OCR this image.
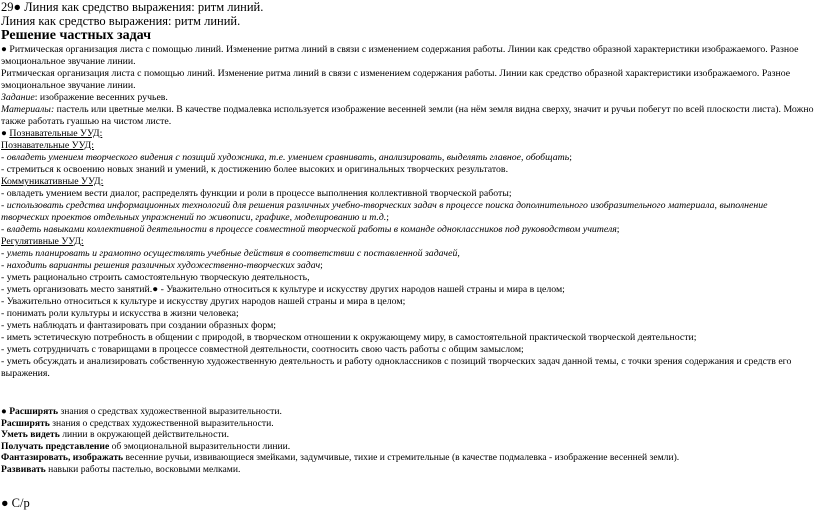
29● Линия как средство выражения: ритм линий.

Линия как средство выражения: ритм линий.

Решение частных задач

● Ритмическая организация листа с помощью линий. Изменение ритма линий в связи с изменением содержания работы. Линии как средство образной характеристики изображаемого. Разное эмоциональное звучание линии.

Ритмическая организация листа с помощью линий. Изменение ритма линий в связи с изменением содержания работы. Линии как средство образной характеристики изображаемого. Разное эмоциональное звучание линии.

Задание: изображение весенних ручьев.

Материалы: пастель или цветные мелки. В качестве подмалевка используется изображение весенней земли (на нём земля видна сверху, значит и ручьи побегут по всей плоскости листа). Можно также работать гуашью на чистом листе.

● Познавательные УУД:

Познавательные УУД:

- овладеть умением творческого видения с позиций художника, т.е. умением сравнивать, анализировать, выделять главное, обобщать;

- стремиться к освоению новых знаний и умений, к достижению более высоких и оригинальных творческих результатов.

Коммуникативные УУД:

- овладеть умением вести диалог, распределять функции и роли в процессе выполнения коллективной творческой работы;

- использовать средства информационных технологий для решения различных учебно-творческих задач в процессе поиска дополнительного изобразительного материала, выполнение творческих проектов отдельных упражнений по живописи, графике, моделированию и т.д.;

- владеть навыками коллективной деятельности в процессе совместной творческой работы в команде одноклассников под руководством учителя;

Регулятивные УУД:

- уметь планировать и грамотно осуществлять учебные действия в соответствии с поставленной задачей,

- находить варианты решения различных художественно-творческих задач;

- уметь рационально строить самостоятельную творческую деятельность,

- уметь организовать место занятий.● - Уважительно относиться к культуре и искусству других народов нашей страны и мира в целом;

- Уважительно относиться к культуре и искусству других народов нашей страны и мира в целом;

- понимать роли культуры и искусства в жизни человека;

- уметь наблюдать и фантазировать при создании образных форм;

- иметь эстетическую потребность в общении с природой, в творческом отношении к окружающему миру, в самостоятельной практической творческой деятельности;

- уметь сотрудничать с товарищами в процессе совместной деятельности, соотносить свою часть работы с общим замыслом;

- уметь обсуждать и анализировать собственную художественную деятельность и работу одноклассников с позиций творческих задач данной темы, с точки зрения содержания и средств его выражения.

● Расширять знания о средствах художественной выразительности.

Расширять знания о средствах художественной выразительности.

Уметь видеть линии в окружающей действительности.

Получать представление об эмоциональной выразительности линии.

Фантазировать, изображать весенние ручьи, извивающиеся змейками, задумчивые, тихие и стремительные (в качестве подмалевка - изображение весенней земли).

Развивать навыки работы пастелью, восковыми мелками.

● С/р
